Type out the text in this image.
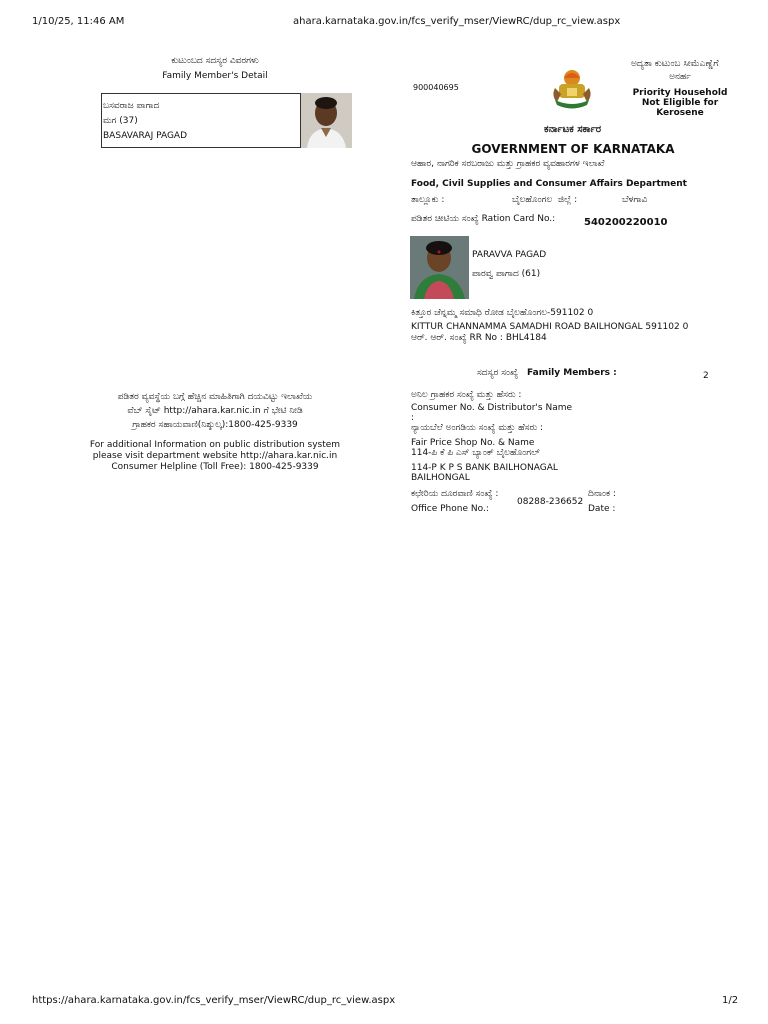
1/10/25, 11:46 AM	ahara.karnataka.gov.in/fcs_verify_mser/ViewRC/dup_rc_view.aspx
https://ahara.karnataka.gov.in/fcs_verify_mser/ViewRC/dup_rc_view.aspx	1/2
ಕುಟುಂಬದ ಸದಸ್ಯರ ವಿವರಗಳು
Family Member's Detail
ಬಸವರಾಜ ಪಾಗಾದ
ಮಗ (37)
BASAVARAJ PAGAD
ಪಡಿತರ ವ್ಯವಸ್ಥೆಯ ಬಗ್ಗೆ ಹೆಚ್ಚಿನ ಮಾಹಿತಿಗಾಗಿ ದಯವಿಟ್ಟು ಇಲಾಖೆಯ
ವೆಬ್ ಸೈಟ್ http://ahara.kar.nic.in ಗೆ ಭೇಟಿ ನೀಡಿ
ಗ್ರಾಹಕರ ಸಹಾಯವಾಣಿ(ನಿಶ್ಶುಲ್ಕ):1800-425-9339
For additional Information on public distribution system
please visit department website http://ahara.kar.nic.in
Consumer Helpline (Toll Free): 1800-425-9339
900040695
ಅದ್ಯತಾ ಕುಟುಂಬ ಸೀಮೆಎಣ್ಣೆಗೆ
ಅನರ್ಹ
Priority Household
Not Eligible for
Kerosene
ಕರ್ನಾಟಕ ಸರ್ಕಾರ
GOVERNMENT OF KARNATAKA
ಆಹಾರ, ನಾಗರಿಕ ಸರಬರಾಜು ಮತ್ತು ಗ್ರಾಹಕರ ವ್ಯವಹಾರಗಳ ಇಲಾಖೆ
Food, Civil Supplies and Consumer Affairs Department
ತಾಲ್ಲೂಕು :	ಬೈಲಹೊಂಗಲ ಜಿಲ್ಲೆ :	ಬೆಳಗಾವಿ
ಪಡಿತರ ಚೀಟಿಯ ಸಂಖ್ಯೆ Ration Card No.:	540200220010
PARAVVA PAGAD
ಪಾರವ್ವ ಪಾಗಾದ (61)
ಕಿತ್ತೂರ ಚೆನ್ನಮ್ಮ ಸಮಾಧಿ ರೋಡ ಬೈಲಹೊಂಗಲ-591102 0
KITTUR CHANNAMMA SAMADHI ROAD BAILHONGAL 591102 0
ಆರ್. ಆರ್. ಸಂಖ್ಯೆ RR No : BHL4184
ಸದಸ್ಯರ ಸಂಖ್ಯೆ Family Members :	2
ಅನಿಲ ಗ್ರಾಹಕರ ಸಂಖ್ಯೆ ಮತ್ತು ಹೆಸರು :
Consumer No. & Distributor's Name
:
ನ್ಯಾಯಬೆಲೆ ಅಂಗಡಿಯ ಸಂಖ್ಯೆ ಮತ್ತು ಹೆಸರು :
Fair Price Shop No. & Name
114-ಪಿ ಕೆ ಪಿ ಎಸ್ ಬ್ಯಾಂಕ್ ಬೈಲಹೊಂಗಲ್
114-P K P S BANK BAILHONAGAL
BAILHONGAL
ಕಛೇರಿಯ ದೂರವಾಣಿ ಸಂಖ್ಯೆ :
Office Phone No.:
08288-236652
ದಿನಾಂಕ :
Date :
